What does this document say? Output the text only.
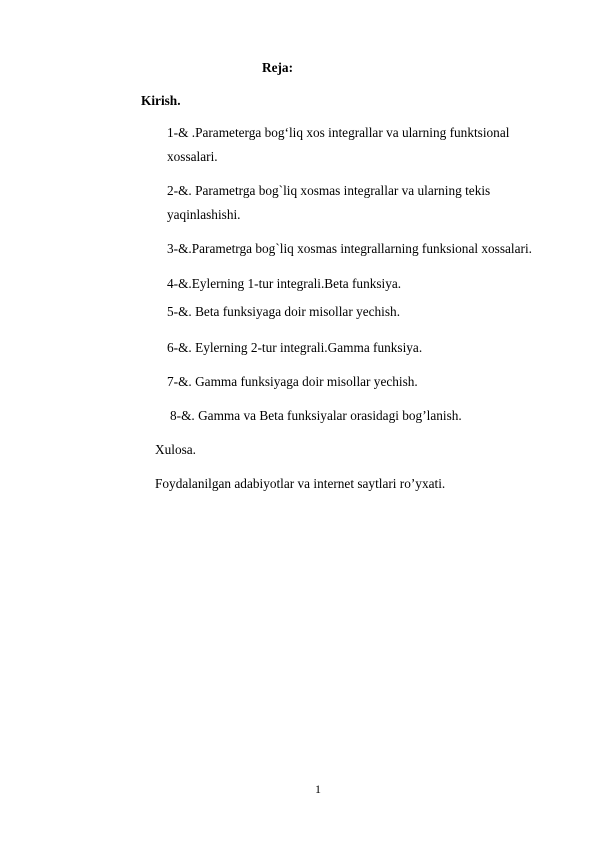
Reja:
Kirish.
1-& .Parameterga bog‘liq xos integrallar va ularning funktsional
xossalari.
2-&. Parametrga bog`liq xosmas integrallar va ularning tekis
yaqinlashishi.
3-&.Parametrga bog`liq xosmas integrallarning funksional xossalari.
4-&.Eylerning 1-tur integrali.Beta funksiya.
5-&. Beta funksiyaga doir misollar yechish.
6-&. Eylerning 2-tur integrali.Gamma funksiya.
7-&. Gamma funksiyaga doir misollar yechish.
8-&. Gamma va Beta funksiyalar orasidagi bog’lanish.
Xulosa.
Foydalanilgan adabiyotlar va internet saytlari ro’yxati.
1
